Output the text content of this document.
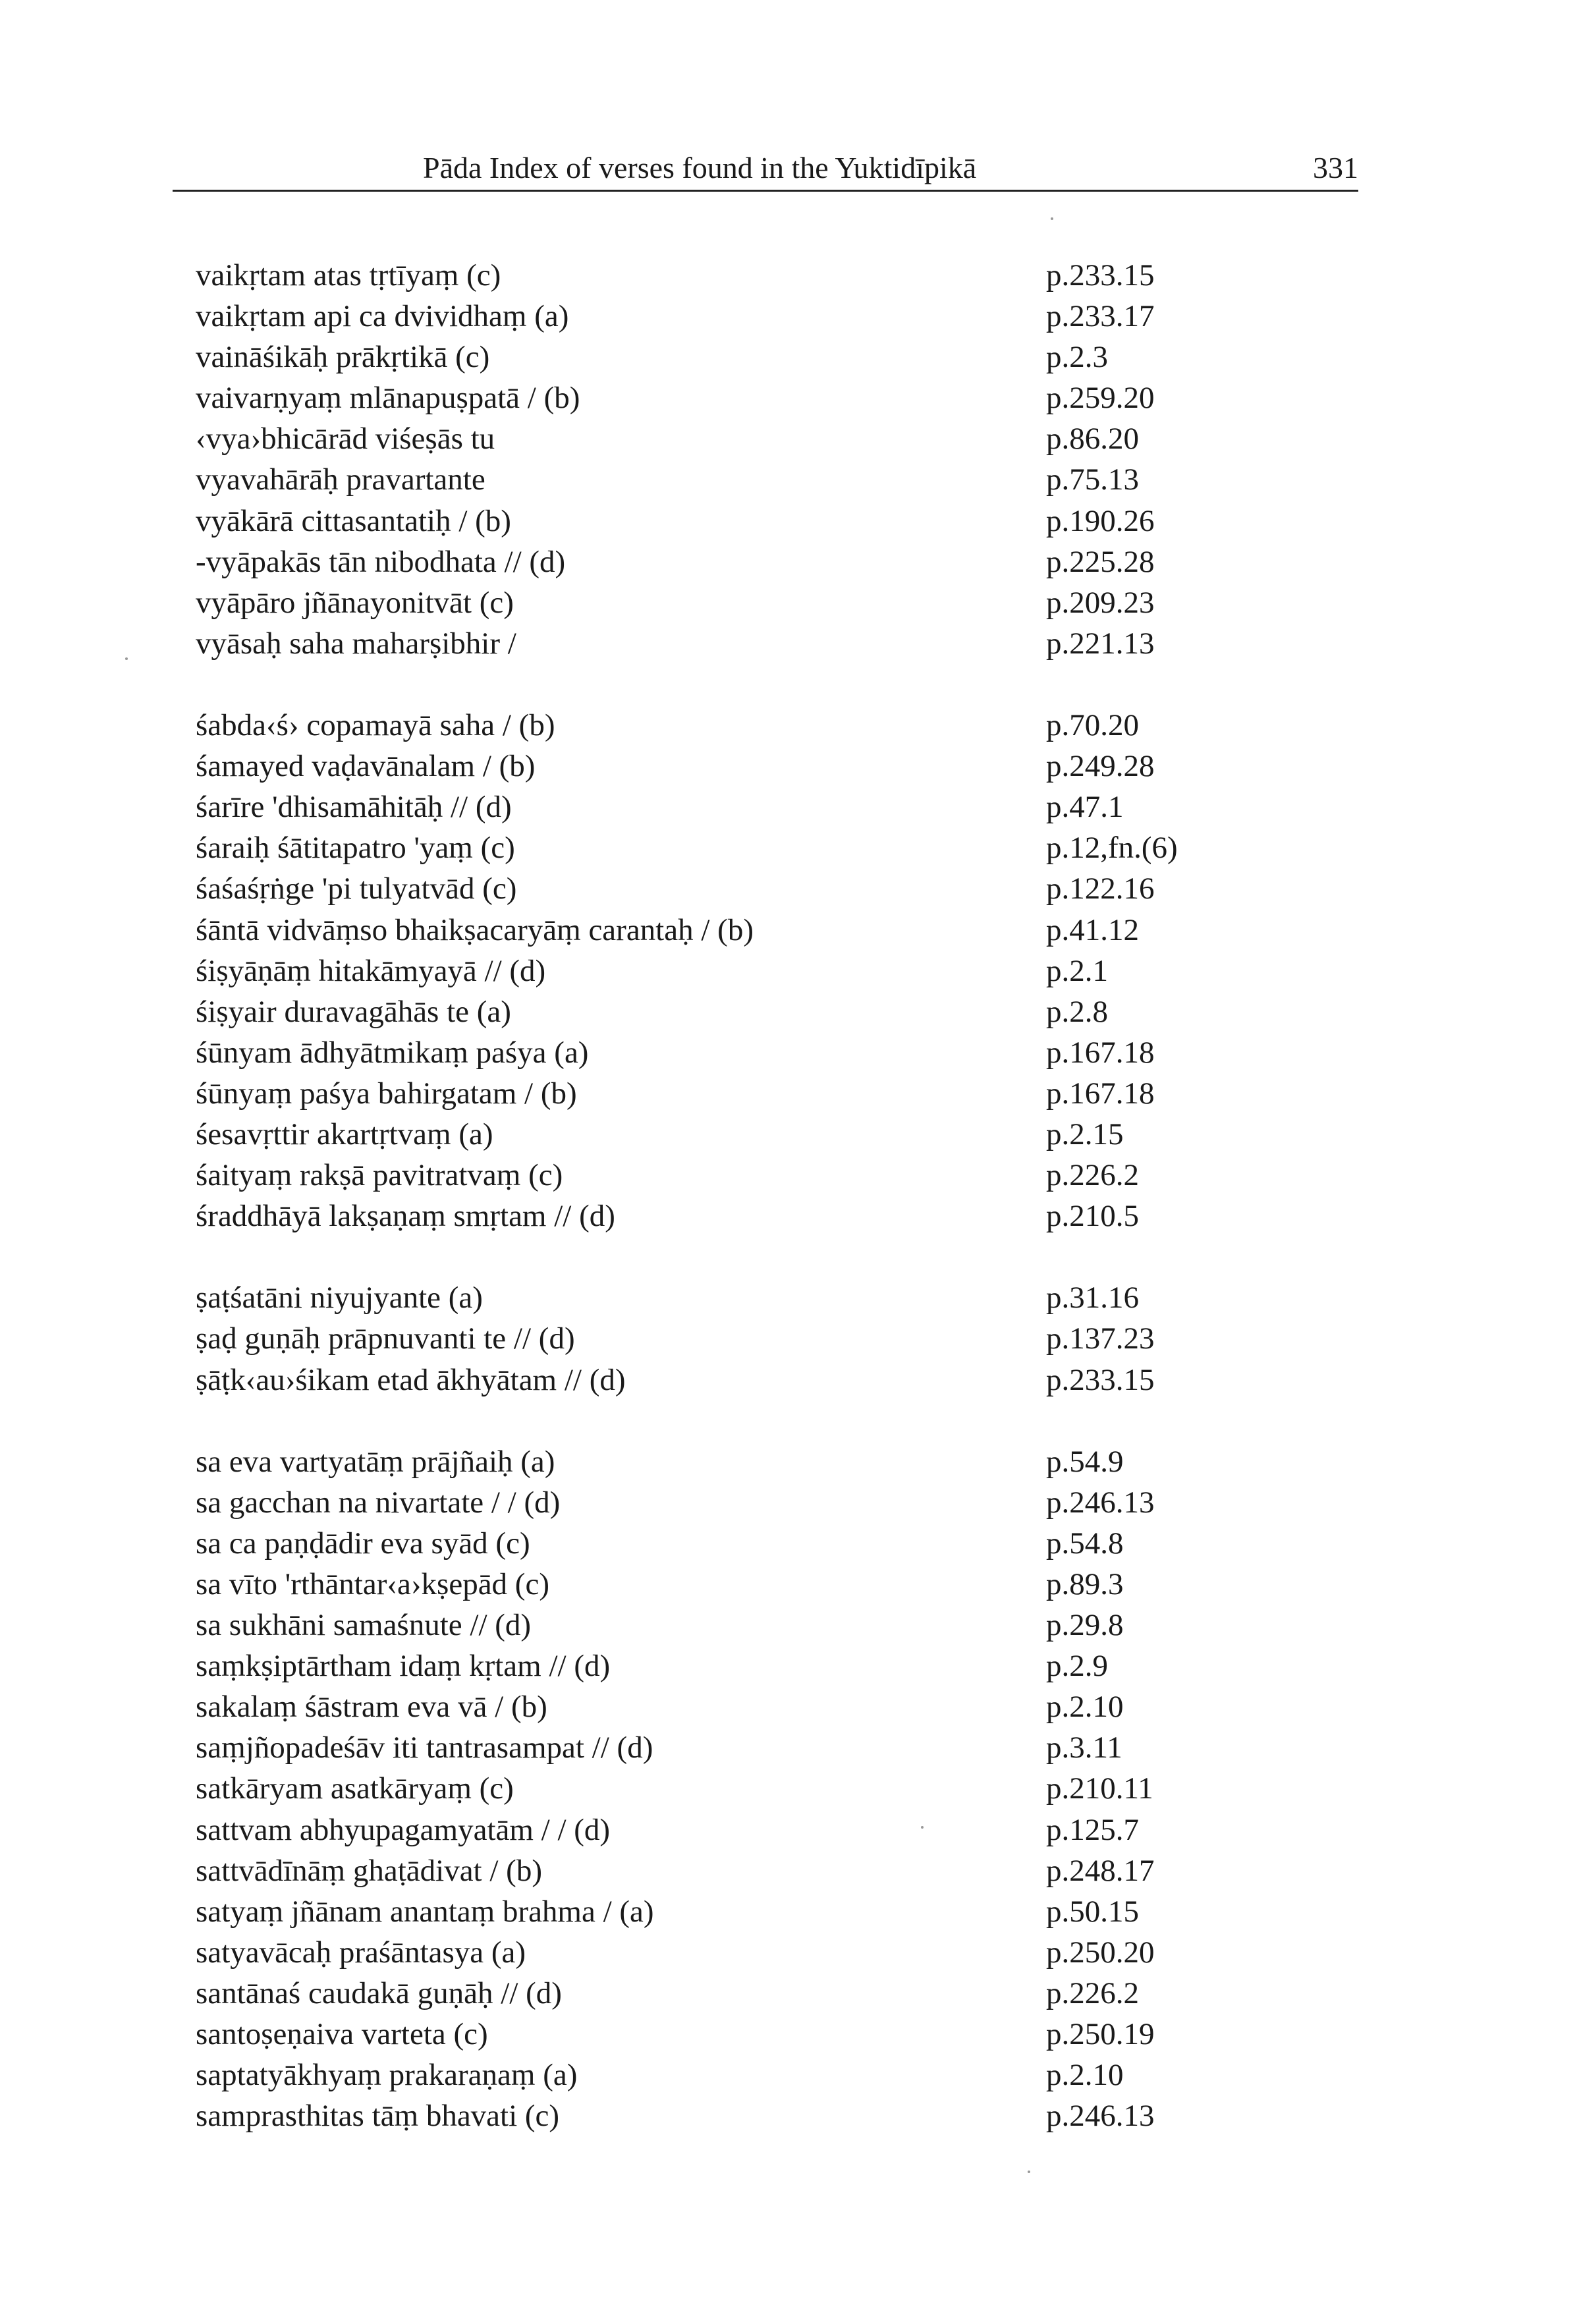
Pāda Index of verses found in the Yuktidīpikā	331
vaikṛtam atas tṛtīyaṃ (c)	p.233.15
vaikṛtam api ca dvividhaṃ (a)	p.233.17
vaināśikāḥ prākṛtikā (c)	p.2.3
vaivarṇyaṃ mlānapuṣpatā / (b)	p.259.20
‹vya›bhicārād viśeṣās tu	p.86.20
vyavahārāḥ pravartante	p.75.13
vyākārā cittasantatiḥ / (b)	p.190.26
-vyāpakās tān nibodhata // (d)	p.225.28
vyāpāro jñānayonitvāt (c)	p.209.23
vyāsaḥ saha maharṣibhir /	p.221.13
śabda‹ś› copamayā saha / (b)	p.70.20
śamayed vaḍavānalam / (b)	p.249.28
śarīre 'dhisamāhitāḥ // (d)	p.47.1
śaraiḥ śātitapatro 'yaṃ (c)	p.12,fn.(6)
śaśaśṛṅge 'pi tulyatvād (c)	p.122.16
śāntā vidvāṃso bhaikṣacaryāṃ carantaḥ / (b)	p.41.12
śiṣyāṇāṃ hitakāmyayā // (d)	p.2.1
śiṣyair duravagāhās te (a)	p.2.8
śūnyam ādhyātmikaṃ paśya (a)	p.167.18
śūnyaṃ paśya bahirgatam / (b)	p.167.18
śesavṛttir akartṛtvaṃ (a)	p.2.15
śaityaṃ rakṣā pavitratvaṃ (c)	p.226.2
śraddhāyā lakṣaṇaṃ smṛtam // (d)	p.210.5
ṣaṭśatāni niyujyante (a)	p.31.16
ṣaḍ guṇāḥ prāpnuvanti te // (d)	p.137.23
ṣāṭk‹au›śikam etad ākhyātam // (d)	p.233.15
sa eva vartyatāṃ prājñaiḥ (a)	p.54.9
sa gacchan na nivartate / / (d)	p.246.13
sa ca paṇḍādir eva syād (c)	p.54.8
sa vīto 'rthāntar‹a›kṣepād (c)	p.89.3
sa sukhāni samaśnute // (d)	p.29.8
saṃkṣiptārtham idaṃ kṛtam // (d)	p.2.9
sakalaṃ śāstram eva vā / (b)	p.2.10
saṃjñopadeśāv iti tantrasampat // (d)	p.3.11
satkāryam asatkāryaṃ (c)	p.210.11
sattvam abhyupagamyatām / / (d)	p.125.7
sattvādīnāṃ ghaṭādivat / (b)	p.248.17
satyaṃ jñānam anantaṃ brahma / (a)	p.50.15
satyavācaḥ praśāntasya (a)	p.250.20
santānaś caudakā guṇāḥ // (d)	p.226.2
santoṣeṇaiva varteta (c)	p.250.19
saptatyākhyaṃ prakaraṇaṃ (a)	p.2.10
samprasthitas tāṃ bhavati (c)	p.246.13
